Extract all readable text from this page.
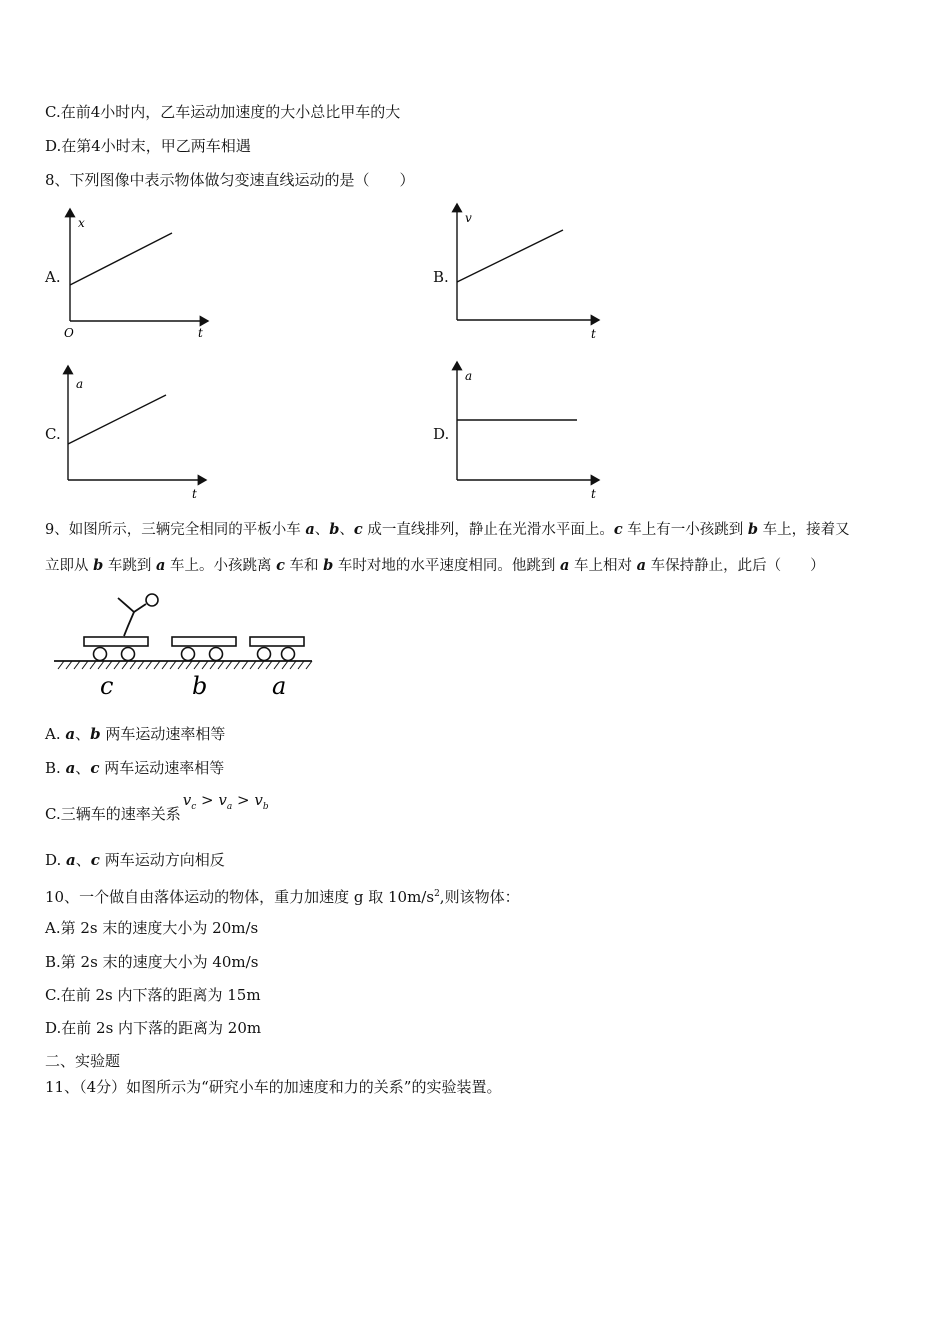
C.在前4小时内，乙车运动加速度的大小总比甲车的大
D.在第4小时末，甲乙两车相遇
8、下列图像中表示物体做匀变速直线运动的是（　　）
A.
x
t
O
B.
v
t
C.
a
t
D.
a
t
9、如图所示，三辆完全相同的平板小车 a、b、c 成一直线排列，静止在光滑水平面上。c 车上有一小孩跳到 b 车上，接着又
立即从 b 车跳到 a 车上。小孩跳离 c 车和 b 车时对地的水平速度相同。他跳到 a 车上相对 a 车保持静止，此后（　　）
c	b	a
A. a、b 两车运动速率相等
B. a、c 两车运动速率相等
C.三辆车的速率关系$v_c > v_a > v_b$
D. a、c 两车运动方向相反
10、一个做自由落体运动的物体，重力加速度 g 取 $10m/s^2$,则该物体：
A.第 2s 末的速度大小为 20m/s
B.第 2s 末的速度大小为 40m/s
C.在前 2s 内下落的距离为 15m
D.在前 2s 内下落的距离为 20m
二、实验题
11、（4分）如图所示为“研究小车的加速度和力的关系”的实验装置。
